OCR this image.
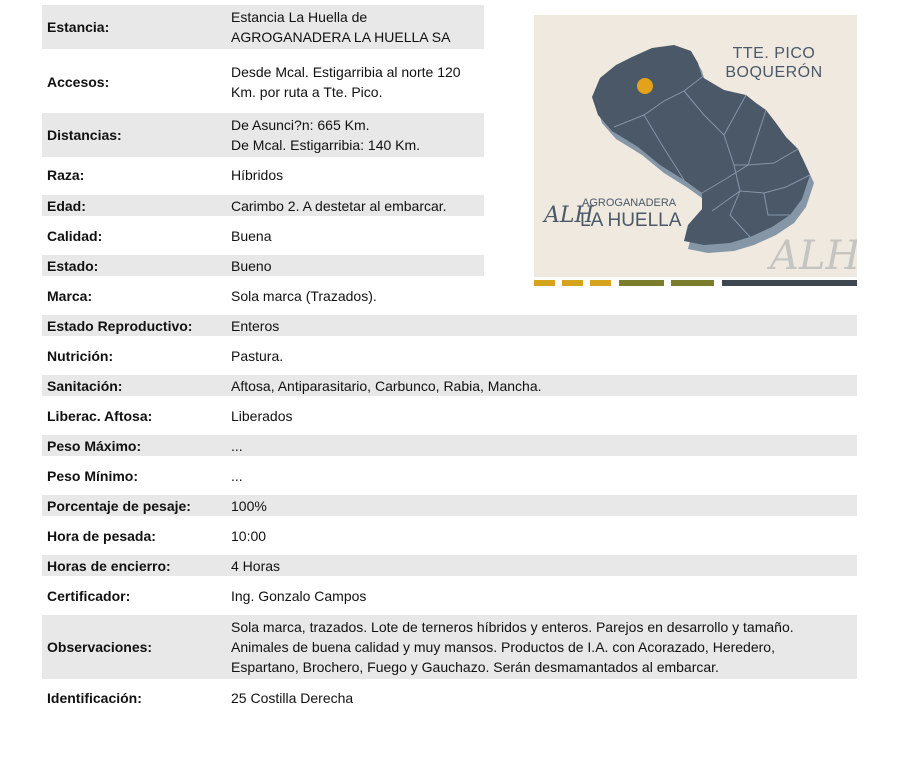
TTE. PICO
BOQUERÓN
ALH
AGROGANADERA
LA HUELLA
ALH
Estancia:
Estancia La Huella de
AGROGANADERA LA HUELLA SA
Accesos:
Desde Mcal. Estigarribia al norte 120
Km. por ruta a Tte. Pico.
Distancias:
De Asunci?n: 665 Km.
De Mcal. Estigarribia: 140 Km.
Raza:	Híbridos
Edad:	Carimbo 2. A destetar al embarcar.
Calidad:	Buena
Estado:	Bueno
Marca:	Sola marca (Trazados).
Estado Reproductivo:	Enteros
Nutrición:	Pastura.
Sanitación:	Aftosa, Antiparasitario, Carbunco, Rabia, Mancha.
Liberac. Aftosa:	Liberados
Peso Máximo:	...
Peso Mínimo:	...
Porcentaje de pesaje:	100%
Hora de pesada:	10:00
Horas de encierro:	4 Horas
Certificador:	Ing. Gonzalo Campos
Observaciones:
Sola marca, trazados. Lote de terneros híbridos y enteros. Parejos en desarrollo y tamaño.
Animales de buena calidad y muy mansos. Productos de I.A. con Acorazado, Heredero,
Espartano, Brochero, Fuego y Gauchazo. Serán desmamantados al embarcar.
Identificación:	25 Costilla Derecha
